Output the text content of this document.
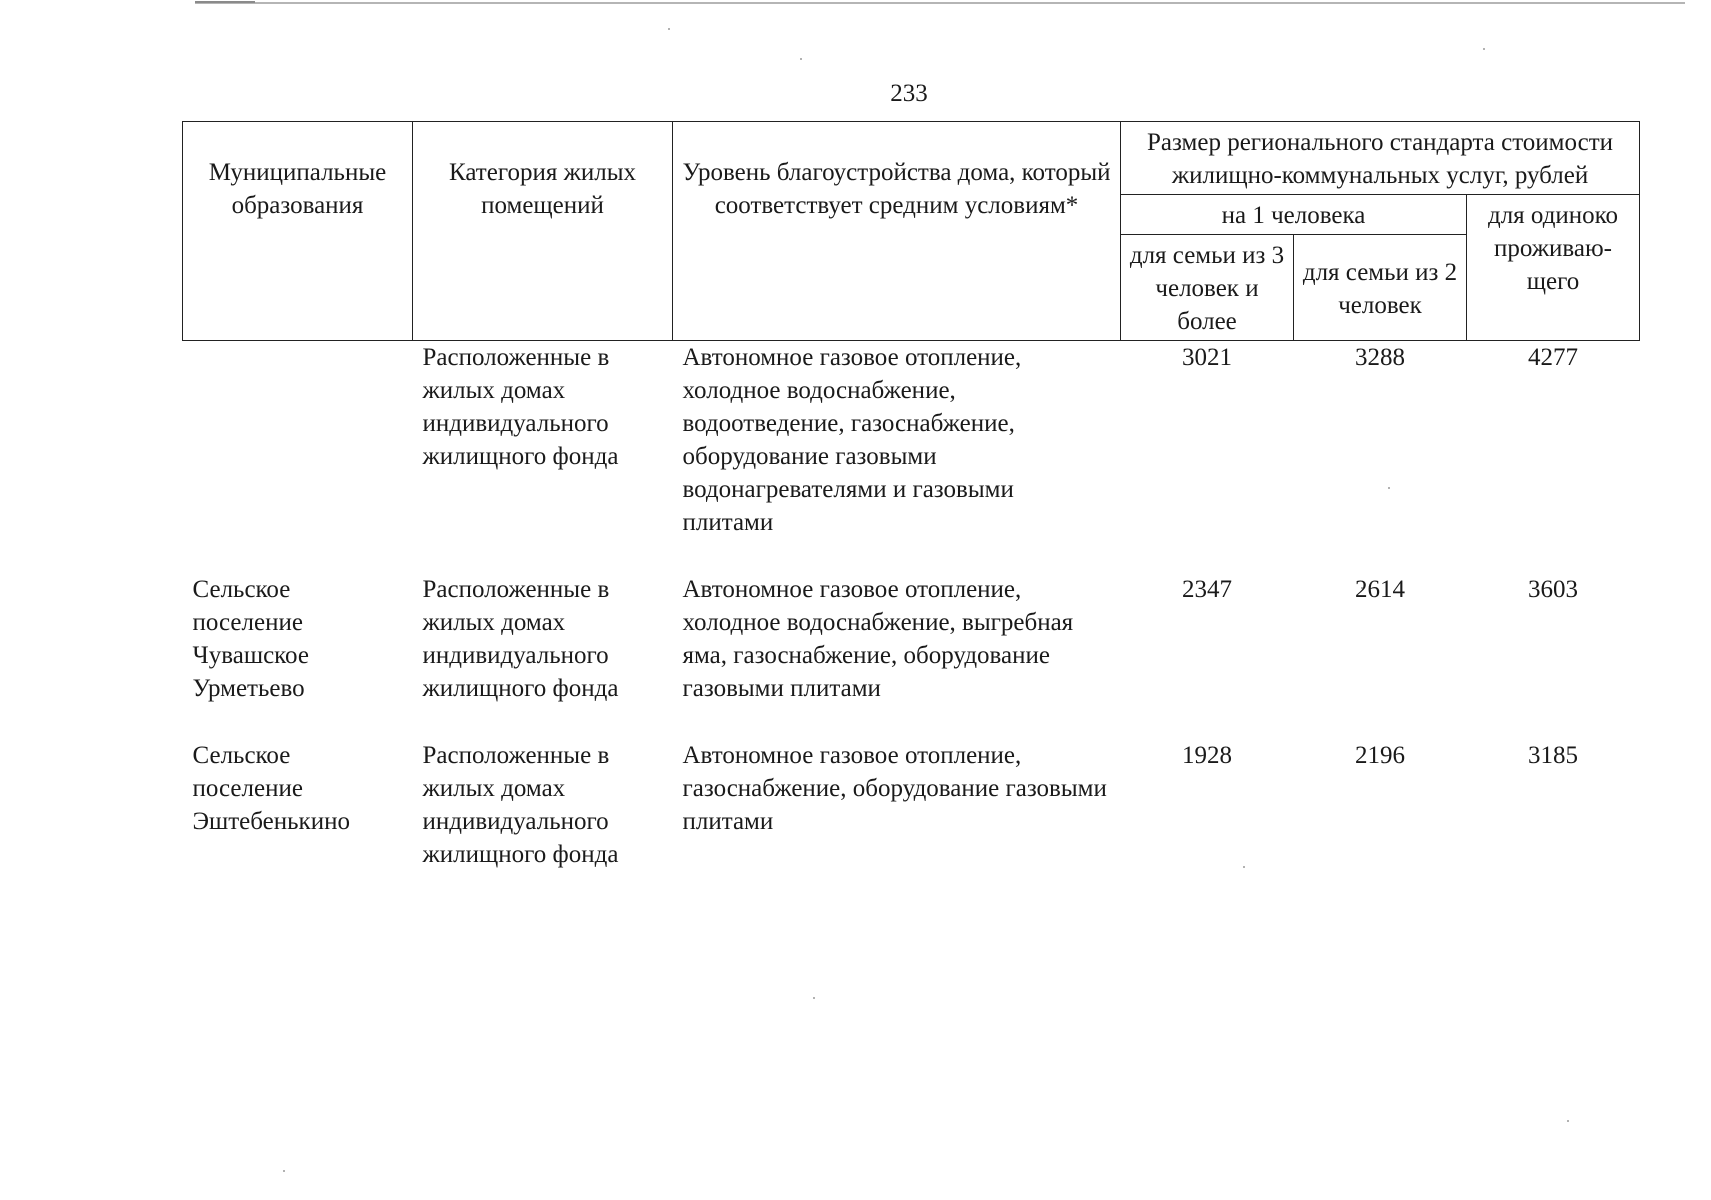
233
Муниципальные образования	Категория жилых помещений	Уровень благоустройства дома, который соответствует средним условиям*	Размер регионального стандарта стоимости жилищно-коммунальных услуг, рублей		
			на 1 человека		для одиноко проживаю-щего
			для семьи из 3 человек и более	для семьи из 2 человек	
	Расположенные в жилых домах индивидуального жилищного фонда	Автономное газовое отопление, холодное водоснабжение, водоотведение, газоснабжение, оборудование газовыми водонагревателями и газовыми плитами	3021	3288	4277
Сельское поселение Чувашское Урметьево	Расположенные в жилых домах индивидуального жилищного фонда	Автономное газовое отопление, холодное водоснабжение, выгребная яма, газоснабжение, оборудование газовыми плитами	2347	2614	3603
Сельское поселение Эштебенькино	Расположенные в жилых домах индивидуального жилищного фонда	Автономное газовое отопление, газоснабжение, оборудование газовыми плитами	1928	2196	3185
